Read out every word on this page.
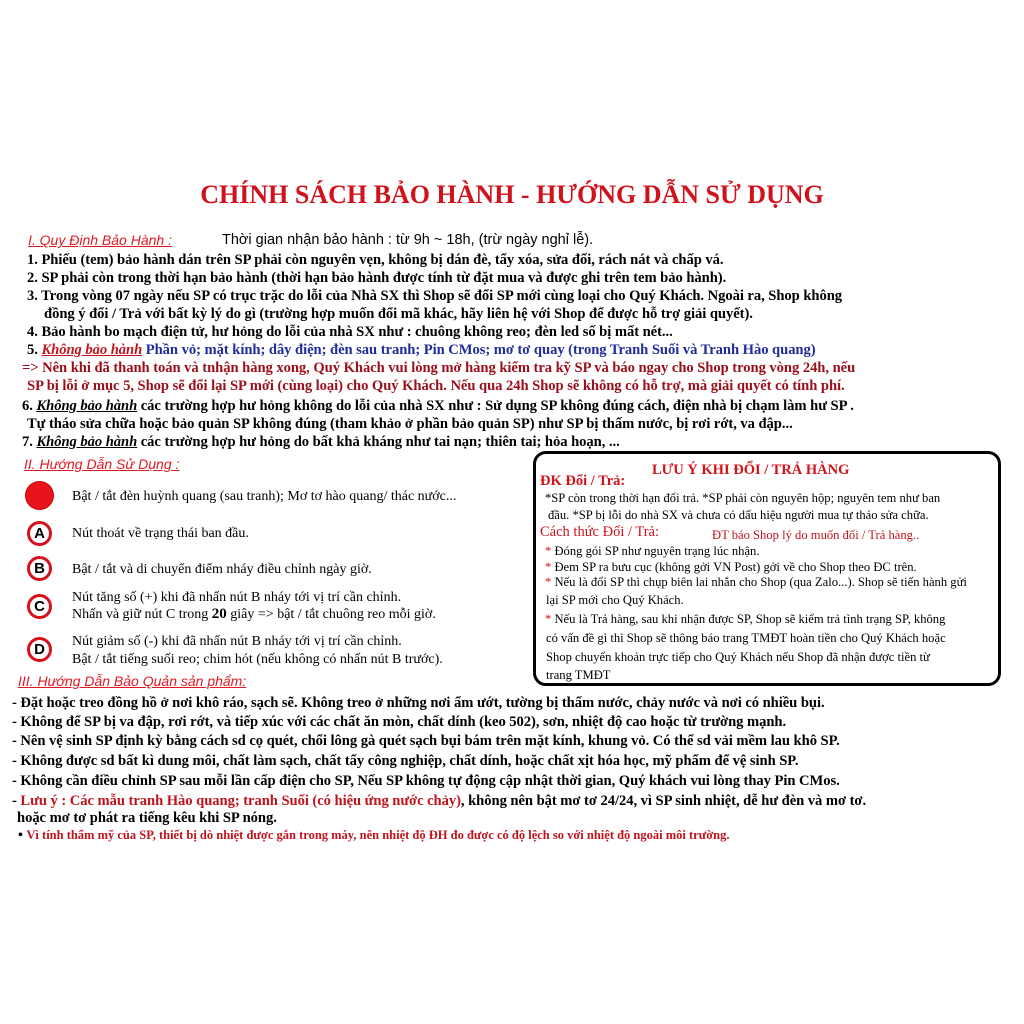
CHÍNH SÁCH BẢO HÀNH - HƯỚNG DẪN SỬ DỤNG
I. Quy Định Bảo Hành :	Thời gian nhận bảo hành : từ 9h ~ 18h, (trừ ngày nghỉ lễ).
1. Phiếu (tem) bảo hành dán trên SP phải còn nguyên vẹn, không bị dán đè, tẩy xóa, sửa đổi, rách nát và chấp vá.
2. SP phải còn trong thời hạn bảo hành (thời hạn bảo hành được tính từ đặt mua và được ghi trên tem bảo hành).
3. Trong vòng 07 ngày nếu SP có trục trặc do lỗi của Nhà SX thì Shop sẽ đổi SP mới cùng loại cho Quý Khách. Ngoài ra, Shop không
đồng ý đổi / Trả với bất kỳ lý do gì (trường hợp muốn đổi mã khác, hãy liên hệ với Shop để được hỗ trợ giải quyết).
4. Bảo hành bo mạch điện tử, hư hỏng do lỗi của nhà SX như : chuông không reo; đèn led số bị mất nét...
5. Không bảo hành Phần vỏ; mặt kính; dây điện; đèn sau tranh; Pin CMos; mơ tơ quay (trong Tranh Suối và Tranh Hào quang)
=> Nên khi đã thanh toán và tnhận hàng xong, Quý Khách vui lòng mở hàng kiểm tra kỹ SP và báo ngay cho Shop trong vòng 24h, nếu
SP bị lỗi ở mục 5, Shop sẽ đổi lại SP mới (cùng loại) cho Quý Khách. Nếu qua 24h Shop sẽ không có hỗ trợ, mà giải quyết có tính phí.
6. Không bảo hành các trường hợp hư hỏng không do lỗi của nhà SX như : Sử dụng SP không đúng cách, điện nhà bị chạm làm hư SP .
Tự tháo sửa chữa hoặc bảo quản SP không đúng (tham khảo ở phần bảo quản SP) như SP bị thấm nước, bị rơi rớt, va đập...
7. Không bảo hành các trường hợp hư hỏng do bất khả kháng như tai nạn; thiên tai; hỏa hoạn, ...
II. Hướng Dẫn Sử Dụng :
Bật / tắt đèn huỳnh quang (sau tranh); Mơ tơ hào quang/ thác nước...
A	Nút thoát về trạng thái ban đầu.
B	Bật / tắt và di chuyển điểm nháy điều chỉnh ngày giờ.
C
Nút tăng số (+) khi đã nhấn nút B nháy tới vị trí cần chỉnh.
Nhấn và giữ nút C trong 20 giây => bật / tắt chuông reo mỗi giờ.
D	Nút giảm số (-) khi đã nhấn nút B nháy tới vị trí cần chỉnh.
Bật / tắt tiếng suối reo; chim hót (nếu không có nhấn nút B trước).
LƯU Ý KHI ĐỔI / TRẢ HÀNG
ĐK Đổi / Trả:
*SP còn trong thời hạn đổi trả. *SP phải còn nguyên hộp; nguyên tem như ban
đầu. *SP bị lỗi do nhà SX và chưa có dấu hiệu người mua tự tháo sửa chữa.
Cách thức Đổi / Trả:	ĐT báo Shop lý do muốn đổi / Trả hàng..
* Đóng gói SP như nguyên trạng lúc nhận.
* Đem SP ra bưu cục (không gởi VN Post) gởi về cho Shop theo ĐC trên.
* Nếu là đổi SP thì chụp biên lai nhắn cho Shop (qua Zalo...). Shop sẽ tiến hành gửi
lại SP mới cho Quý Khách.
* Nếu là Trả hàng, sau khi nhận được SP, Shop sẽ kiểm trả tình trạng SP, không
có vấn đề gì thì Shop sẽ thông báo trang TMĐT hoàn tiền cho Quý Khách hoặc
Shop chuyển khoản trực tiếp cho Quý Khách nếu Shop đã nhận được tiền từ
trang TMĐT
III. Hướng Dẫn Bảo Quản sản phẩm:
- Đặt hoặc treo đồng hồ ở nơi khô ráo, sạch sẽ. Không treo ở những nơi ẩm ướt, tường bị thấm nước, chảy nước và nơi có nhiều bụi.
- Không để SP bị va đập, rơi rớt, và tiếp xúc với các chất ăn mòn, chất dính (keo 502), sơn, nhiệt độ cao hoặc từ trường mạnh.
- Nên vệ sinh SP định kỳ bằng cách sd cọ quét, chổi lông gà quét sạch bụi bám trên mặt kính, khung vỏ. Có thể sd vải mềm lau khô SP.
- Không được sd bất kì dung môi, chất làm sạch, chất tẩy công nghiệp, chất dính, hoặc chất xịt hóa học, mỹ phẩm để vệ sinh SP.
- Không cần điều chỉnh SP sau mỗi lần cấp điện cho SP, Nếu SP không tự động cập nhật thời gian, Quý khách vui lòng thay Pin CMos.
- Lưu ý : Các mẫu tranh Hào quang; tranh Suối (có hiệu ứng nước chảy), không nên bật mơ tơ 24/24, vì SP sinh nhiệt, dễ hư đèn và mơ tơ.
hoặc mơ tơ phát ra tiếng kêu khi SP nóng.
• Vì tính thẩm mỹ của SP, thiết bị dò nhiệt được gắn trong máy, nên nhiệt độ ĐH đo được có độ lệch so với nhiệt độ ngoài môi trường.
